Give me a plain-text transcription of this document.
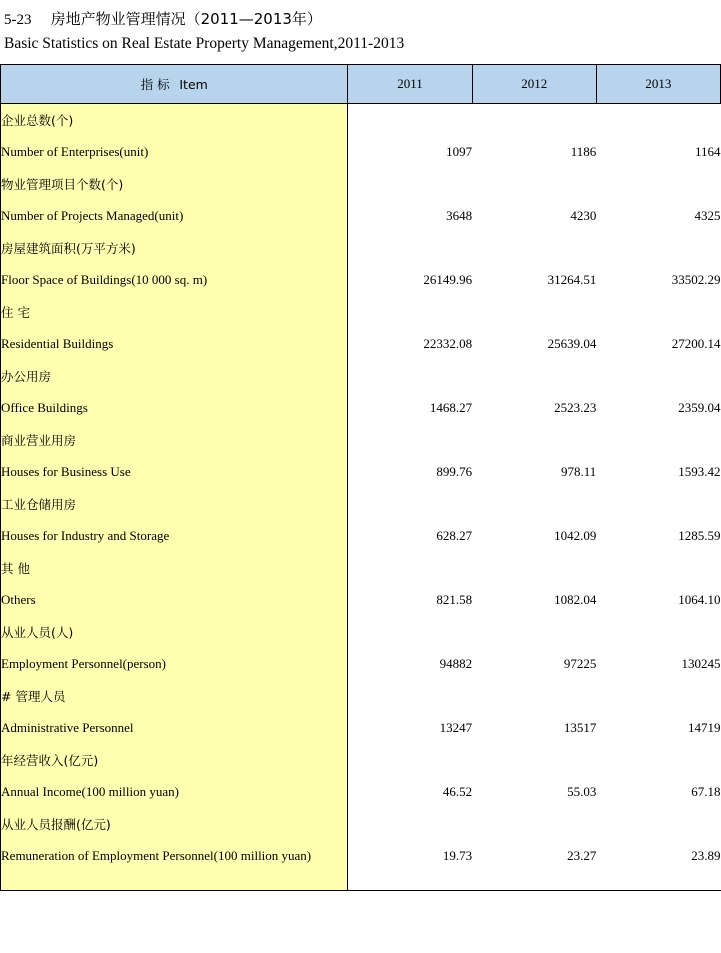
5-23 房地产物业管理情况（2011—2013年）
Basic Statistics on Real Estate Property Management,2011-2013
指 标 Item	2011	2012	2013
企业总数(个)			
Number of Enterprises(unit)	1097	1186	1164
物业管理项目个数(个)			
Number of Projects Managed(unit)	3648	4230	4325
房屋建筑面积(万平方米)			
Floor Space of Buildings(10 000 sq. m)	26149.96	31264.51	33502.29
住 宅			
Residential Buildings	22332.08	25639.04	27200.14
办公用房			
Office Buildings	1468.27	2523.23	2359.04
商业营业用房			
Houses for Business Use	899.76	978.11	1593.42
工业仓储用房			
Houses for Industry and Storage	628.27	1042.09	1285.59
其 他			
Others	821.58	1082.04	1064.10
从业人员(人)			
Employment Personnel(person)	94882	97225	130245
# 管理人员			
Administrative Personnel	13247	13517	14719
年经营收入(亿元)			
Annual Income(100 million yuan)	46.52	55.03	67.18
从业人员报酬(亿元)			
Remuneration of Employment Personnel(100 million yuan)	19.73	23.27	23.89
